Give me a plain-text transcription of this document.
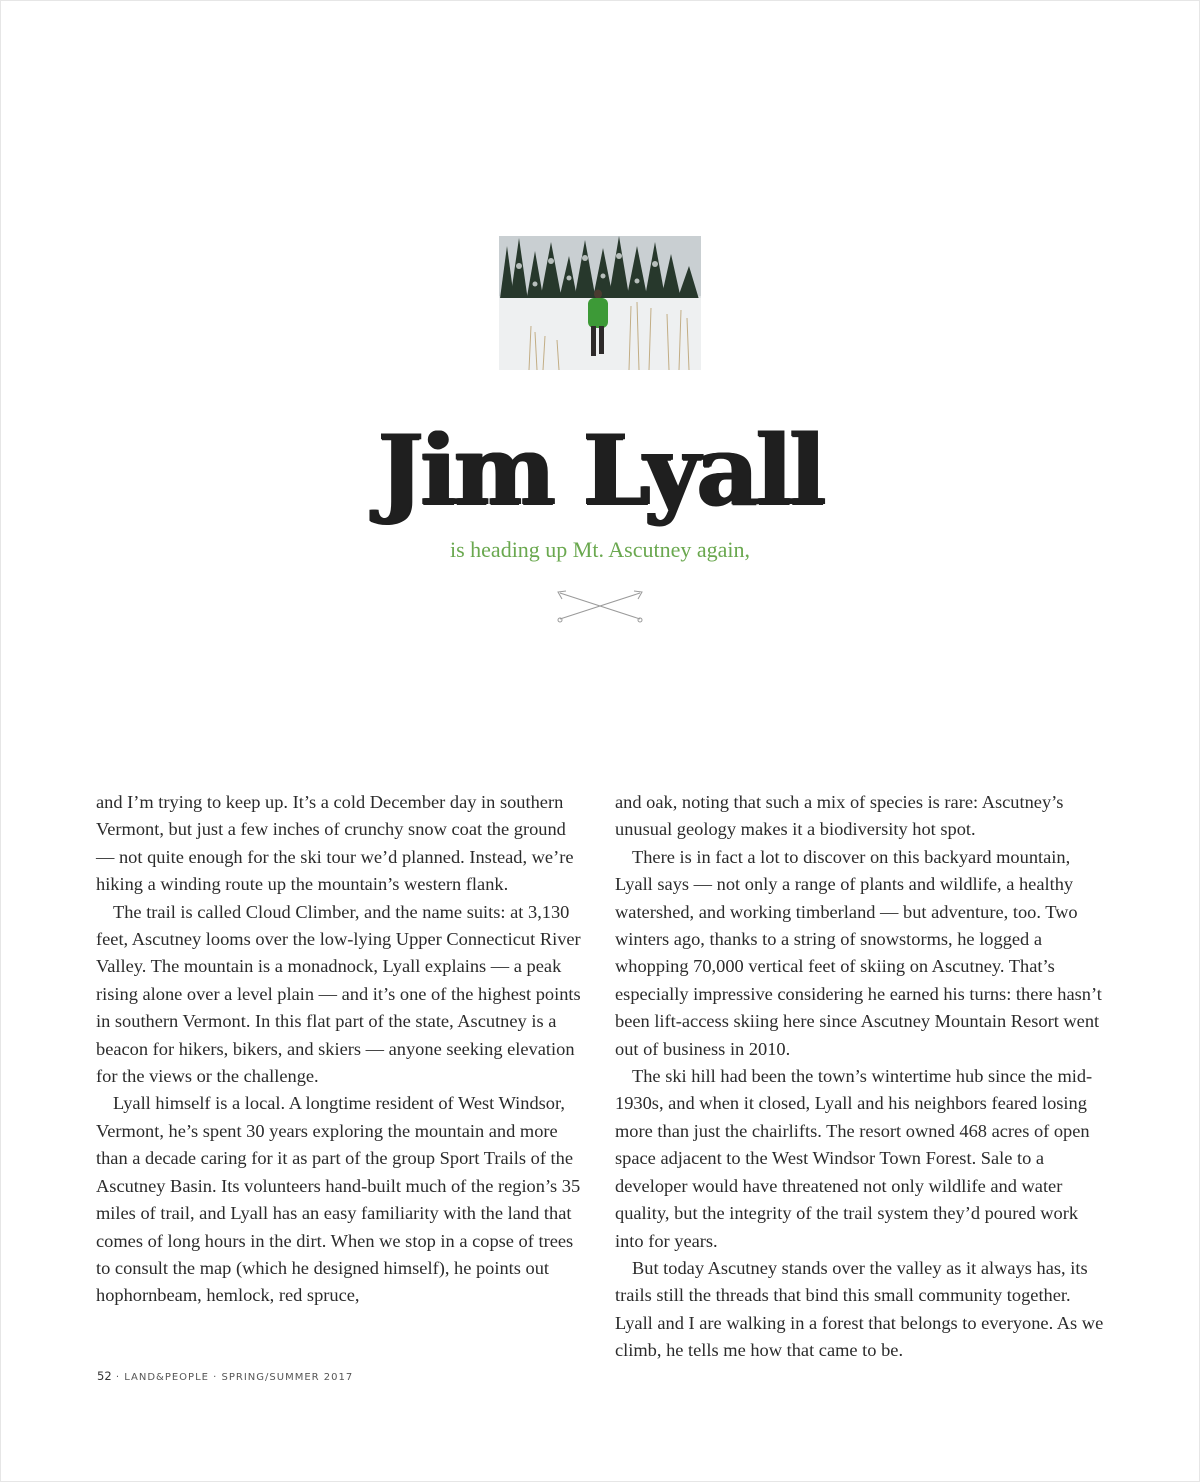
Jim Lyall
is heading up Mt. Ascutney again,

and I’m trying to keep up. It’s a cold December day in southern Vermont, but just a few inches of crunchy snow coat the ground — not quite enough for the ski tour we’d planned. Instead, we’re hiking a winding route up the mountain’s western flank.

The trail is called Cloud Climber, and the name suits: at 3,130 feet, Ascutney looms over the low-lying Upper Connecticut River Valley. The mountain is a monadnock, Lyall explains — a peak rising alone over a level plain — and it’s one of the highest points in southern Vermont. In this flat part of the state, Ascutney is a beacon for hikers, bikers, and skiers — anyone seeking elevation for the views or the challenge.

Lyall himself is a local. A longtime resident of West Windsor, Vermont, he’s spent 30 years exploring the mountain and more than a decade caring for it as part of the group Sport Trails of the Ascutney Basin. Its volunteers hand-built much of the region’s 35 miles of trail, and Lyall has an easy familiarity with the land that comes of long hours in the dirt. When we stop in a copse of trees to consult the map (which he designed himself), he points out hophornbeam, hemlock, red spruce,

and oak, noting that such a mix of species is rare: Ascutney’s unusual geology makes it a biodiversity hot spot.

There is in fact a lot to discover on this backyard mountain, Lyall says — not only a range of plants and wildlife, a healthy watershed, and working timberland — but adventure, too. Two winters ago, thanks to a string of snowstorms, he logged a whopping 70,000 vertical feet of skiing on Ascutney. That’s especially impressive considering he earned his turns: there hasn’t been lift-access skiing here since Ascutney Mountain Resort went out of business in 2010.

The ski hill had been the town’s wintertime hub since the mid-1930s, and when it closed, Lyall and his neighbors feared losing more than just the chairlifts. The resort owned 468 acres of open space adjacent to the West Windsor Town Forest. Sale to a developer would have threatened not only wildlife and water quality, but the integrity of the trail system they’d poured work into for years.

But today Ascutney stands over the valley as it always has, its trails still the threads that bind this small community together. Lyall and I are walking in a forest that belongs to everyone. As we climb, he tells me how that came to be.

52 · LAND&PEOPLE · SPRING/SUMMER 2017
